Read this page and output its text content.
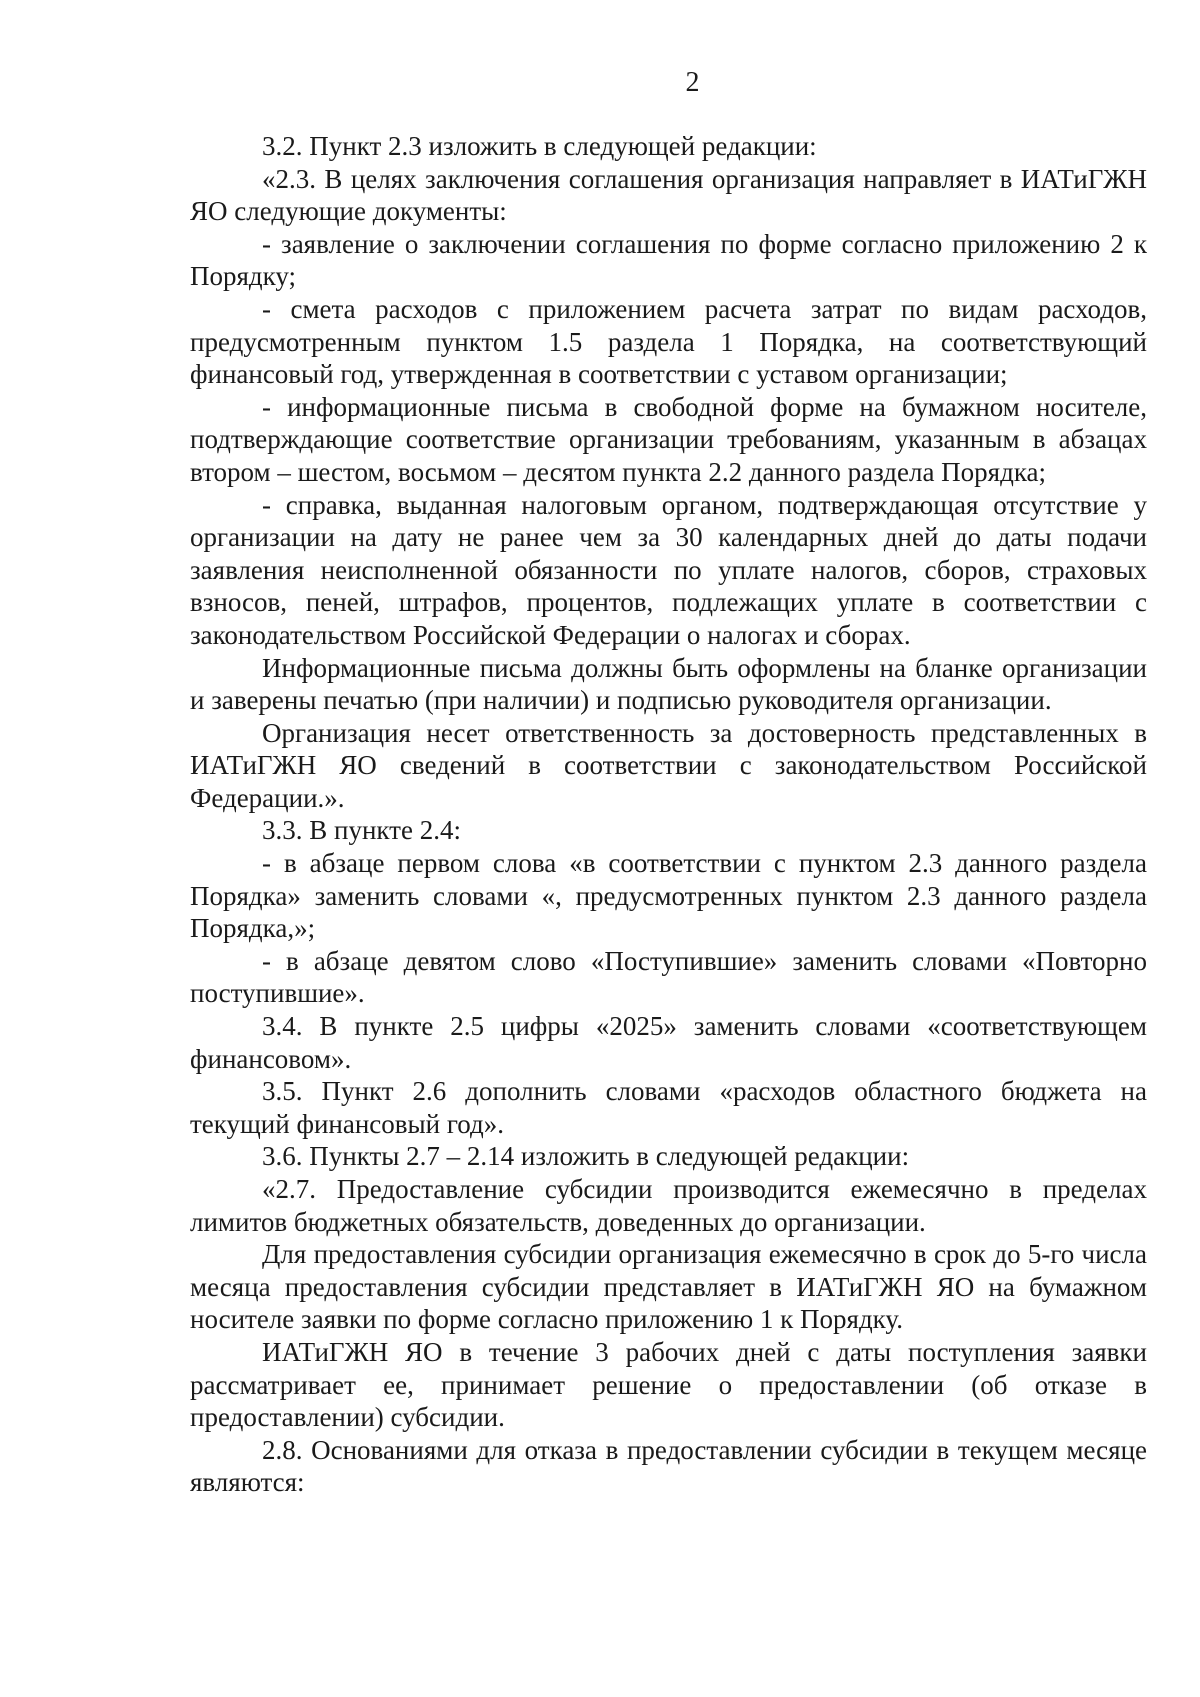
2

3.2. Пункт 2.3 изложить в следующей редакции:

«2.3. В целях заключения соглашения организация направляет в ИАТиГЖН ЯО следующие документы:

- заявление о заключении соглашения по форме согласно приложению 2 к Порядку;

- смета расходов с приложением расчета затрат по видам расходов, предусмотренным пунктом 1.5 раздела 1 Порядка, на соответствующий финансовый год, утвержденная в соответствии с уставом организации;

- информационные письма в свободной форме на бумажном носителе, подтверждающие соответствие организации требованиям, указанным в абзацах втором – шестом, восьмом – десятом пункта 2.2 данного раздела Порядка;

- справка, выданная налоговым органом, подтверждающая отсутствие у организации на дату не ранее чем за 30 календарных дней до даты подачи заявления неисполненной обязанности по уплате налогов, сборов, страховых взносов, пеней, штрафов, процентов, подлежащих уплате в соответствии с законодательством Российской Федерации о налогах и сборах.

Информационные письма должны быть оформлены на бланке организации и заверены печатью (при наличии) и подписью руководителя организации.

Организация несет ответственность за достоверность представленных в ИАТиГЖН ЯО сведений в соответствии с законодательством Российской Федерации.».

3.3. В пункте 2.4:

- в абзаце первом слова «в соответствии с пунктом 2.3 данного раздела Порядка» заменить словами «, предусмотренных пунктом 2.3 данного раздела Порядка,»;

- в абзаце девятом слово «Поступившие» заменить словами «Повторно поступившие».

3.4. В пункте 2.5 цифры «2025» заменить словами «соответствующем финансовом».

3.5. Пункт 2.6 дополнить словами «расходов областного бюджета на текущий финансовый год».

3.6. Пункты 2.7 – 2.14 изложить в следующей редакции:

«2.7. Предоставление субсидии производится ежемесячно в пределах лимитов бюджетных обязательств, доведенных до организации.

Для предоставления субсидии организация ежемесячно в срок до 5-го числа месяца предоставления субсидии представляет в ИАТиГЖН ЯО на бумажном носителе заявки по форме согласно приложению 1 к Порядку.

ИАТиГЖН ЯО в течение 3 рабочих дней с даты поступления заявки рассматривает ее, принимает решение о предоставлении (об отказе в предоставлении) субсидии.

2.8. Основаниями для отказа в предоставлении субсидии в текущем месяце являются:
